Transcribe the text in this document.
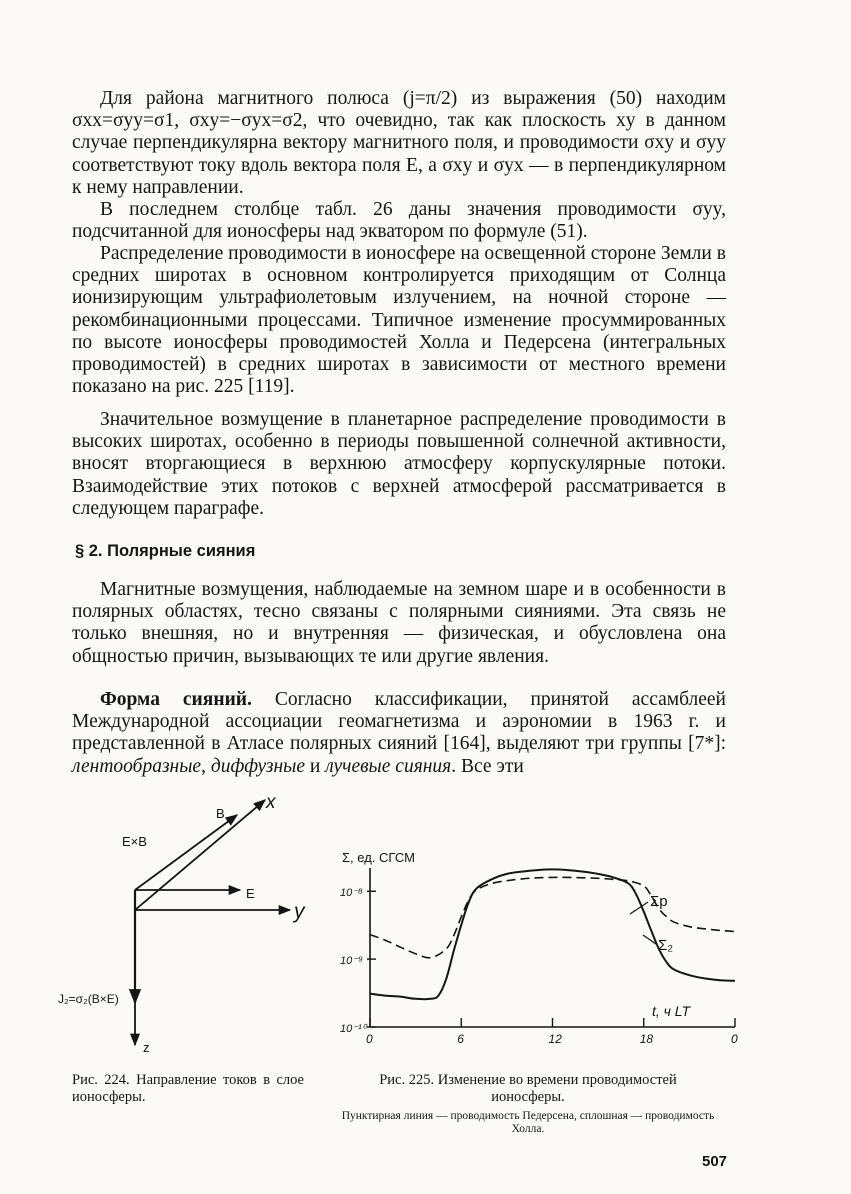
Для района магнитного полюса (j=π/2) из выражения (50) находим σxx=σyy=σ1, σxy=−σyx=σ2, что очевидно, так как плоскость xy в данном случае перпендикулярна вектору магнитного поля, и проводимости σxy и σyy соответствуют току вдоль вектора поля E, а σxy и σyx — в перпендикулярном к нему направлении.

В последнем столбце табл. 26 даны значения проводимости σyy, подсчитанной для ионосферы над экватором по формуле (51).

Распределение проводимости в ионосфере на освещенной стороне Земли в средних широтах в основном контролируется приходящим от Солнца ионизирующим ультрафиолетовым излучением, на ночной стороне — рекомбинационными процессами. Типичное изменение просуммированных по высоте ионосферы проводимостей Холла и Педерсена (интегральных проводимостей) в средних широтах в зависимости от местного времени показано на рис. 225 [119].

Значительное возмущение в планетарное распределение проводимости в высоких широтах, особенно в периоды повышенной солнечной активности, вносят вторгающиеся в верхнюю атмосферу корпускулярные потоки. Взаимодействие этих потоков с верхней атмосферой рассматривается в следующем параграфе.

§ 2. Полярные сияния

Магнитные возмущения, наблюдаемые на земном шаре и в особенности в полярных областях, тесно связаны с полярными сияниями. Эта связь не только внешняя, но и внутренняя — физическая, и обусловлена она общностью причин, вызывающих те или другие явления.

Форма сияний. Согласно классификации, принятой ассамблеей Международной ассоциации геомагнетизма и аэрономии в 1963 г. и представленной в Атласе полярных сияний [164], выделяют три группы [7*]: лентообразные, диффузные и лучевые сияния. Все эти

E×B
B
x
E
y
J₂=σ₂(B×E)
z

Рис. 224. Направление токов в слое ионосферы.

10⁻⁸
10⁻⁹
10⁻¹⁰
0	6	12	18	0
Σ, ед. СГСМ
t, ч LT
Σp
Σ₂

Рис. 225. Изменение во времени проводимостей
ионосферы.

Пунктирная линия — проводимость Педерсена, сплошная — проводимость Холла.

507
